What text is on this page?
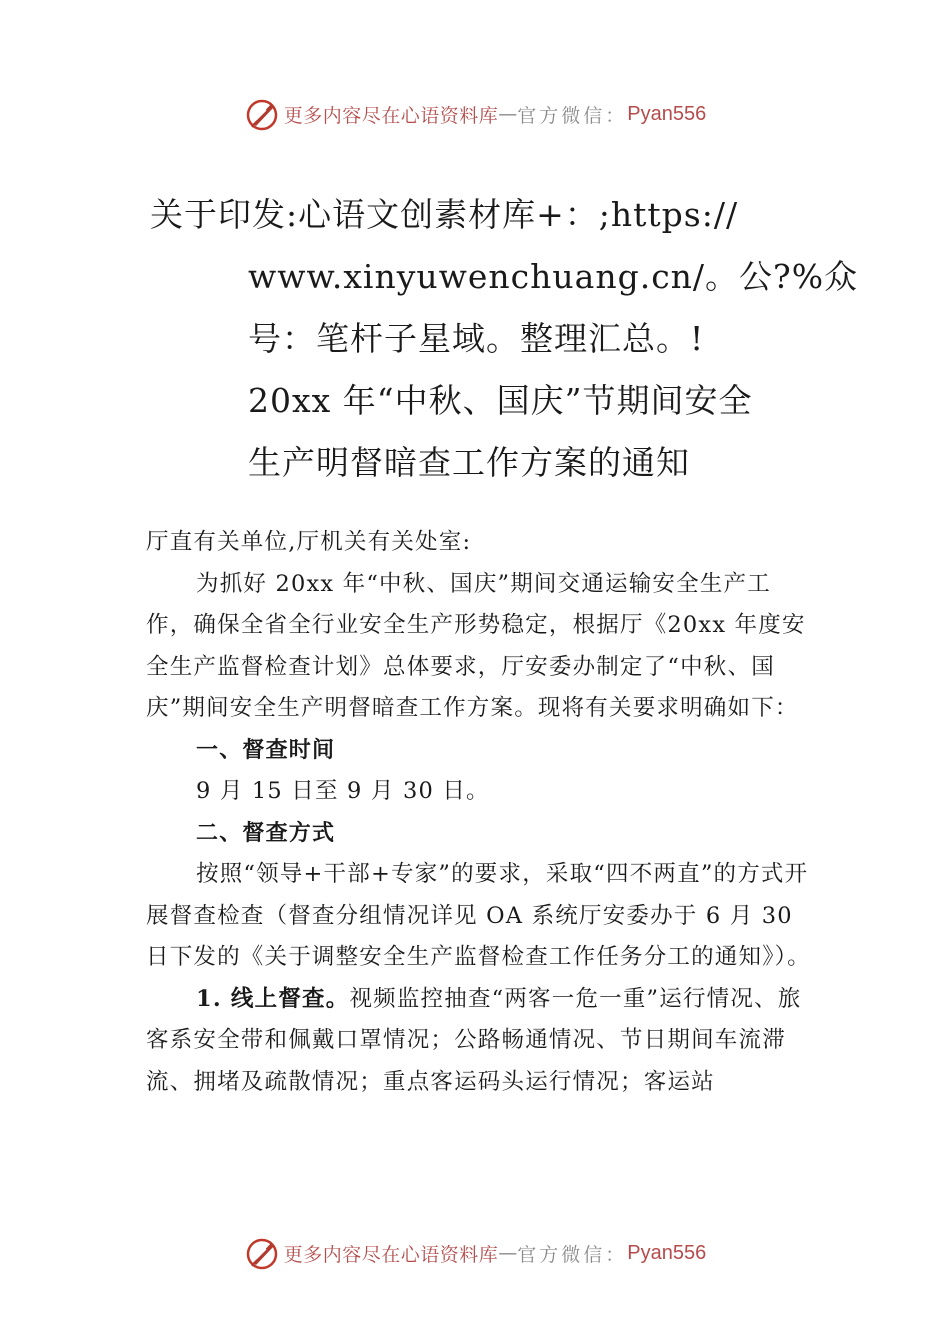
更多内容尽在心语资料库 — 官方微信： Pyan556
关于印发:心语文创素材库+：;https://
www.xinyuwenchuang.cn/。公?%众
号：笔杆子星域。整理汇总。!
20xx 年“中秋、国庆”节期间安全
生产明督暗查工作方案的通知

厅直有关单位,厅机关有关处室:

为抓好 20xx 年“中秋、国庆”期间交通运输安全生产工作，确保全省全行业安全生产形势稳定，根据厅《20xx 年度安全生产监督检查计划》总体要求，厅安委办制定了“中秋、国庆”期间安全生产明督暗查工作方案。现将有关要求明确如下：

一、督查时间

9 月 15 日至 9 月 30 日。

二、督查方式

按照“领导+干部+专家”的要求，采取“四不两直”的方式开展督查检查（督查分组情况详见 OA 系统厅安委办于 6 月 30 日下发的《关于调整安全生产监督检查工作任务分工的通知》）。

1. 线上督查。视频监控抽查“两客一危一重”运行情况、旅客系安全带和佩戴口罩情况；公路畅通情况、节日期间车流滞流、拥堵及疏散情况；重点客运码头运行情况；客运站

更多内容尽在心语资料库 — 官方微信： Pyan556
